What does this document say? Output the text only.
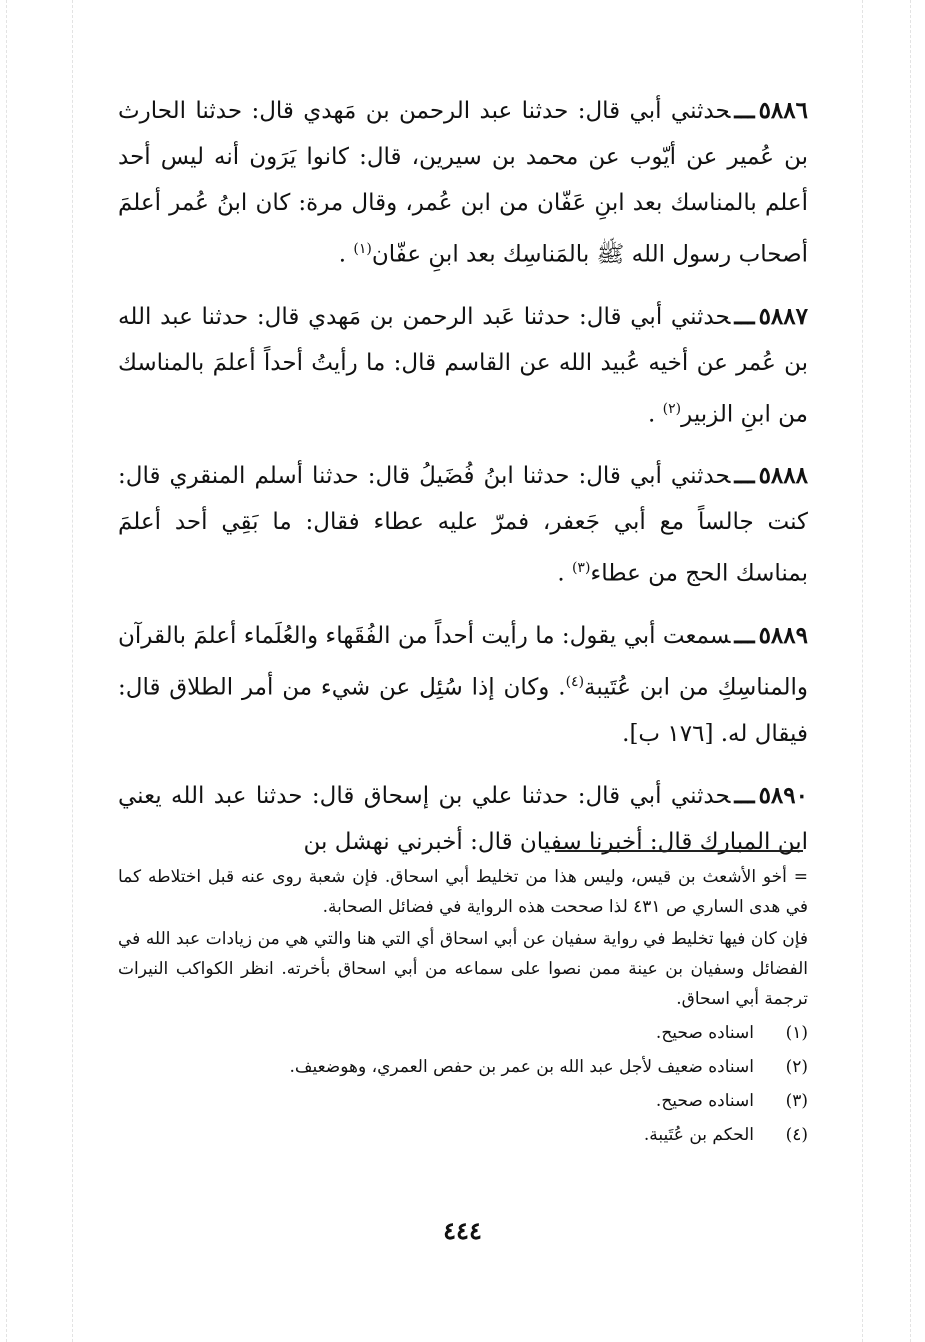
٥٨٨٦ـــحدثني أبي قال: حدثنا عبد الرحمن بن مَهدي قال: حدثنا الحارث بن عُمير عن أيّوب عن محمد بن سيرين، قال: كانوا يَرَون أنه ليس أحد أعلم بالمناسك بعد ابنِ عَفّان من ابن عُمر، وقال مرة: كان ابنُ عُمر أعلمَ أصحاب رسول الله ﷺ بالمَناسِك بعد ابنِ عفّان$^{(١)}$ .

٥٨٨٧ـــحدثني أبي قال: حدثنا عَبد الرحمن بن مَهدي قال: حدثنا عبد الله بن عُمر عن أخيه عُبيد الله عن القاسم قال: ما رأيتُ أحداً أعلمَ بالمناسك من ابنِ الزبير$^{(٢)}$ .

٥٨٨٨ـــحدثني أبي قال: حدثنا ابنُ فُضَيلُ قال: حدثنا أسلم المنقري قال: كنت جالساً مع أبي جَعفر، فمرّ عليه عطاء فقال: ما بَقِي أحد أعلمَ بمناسك الحج من عطاء$^{(٣)}$ .

٥٨٨٩ـــسمعت أبي يقول: ما رأيت أحداً من الفُقَهاء والعُلَماء أعلمَ بالقرآن والمناسِكِ من ابن عُتَيبة$^{(٤)}$. وكان إذا سُئِل عن شيء من أمر الطلاق قال: فيقال له. [١٧٦ ب].

٥٨٩٠ـــحدثني أبي قال: حدثنا علي بن إسحاق قال: حدثنا عبد الله يعني ابن المبارك قال: أخبرنا سفيان قال: أخبرني نهشل بن

= أخو الأشعث بن قيس، وليس هذا من تخليط أبي اسحاق. فإن شعبة روى عنه قبل اختلاطه كما في هدى الساري ص ٤٣١ لذا صححت هذه الرواية في فضائل الصحابة.

فإن كان فيها تخليط في رواية سفيان عن أبي اسحاق أي التي هنا والتي هي من زيادات عبد الله في الفضائل وسفيان بن عينة ممن نصوا على سماعه من أبي اسحاق بأخرته. انظر الكواكب النيرات ترجمة أبي اسحاق.

(١)اسناده صحيح.

(٢)اسناده ضعيف لأجل عبد الله بن عمر بن حفص العمري، وهوضعيف.

(٣)اسناده صحيح.

(٤)الحكم بن عُتَيبة.

٤٤٤
